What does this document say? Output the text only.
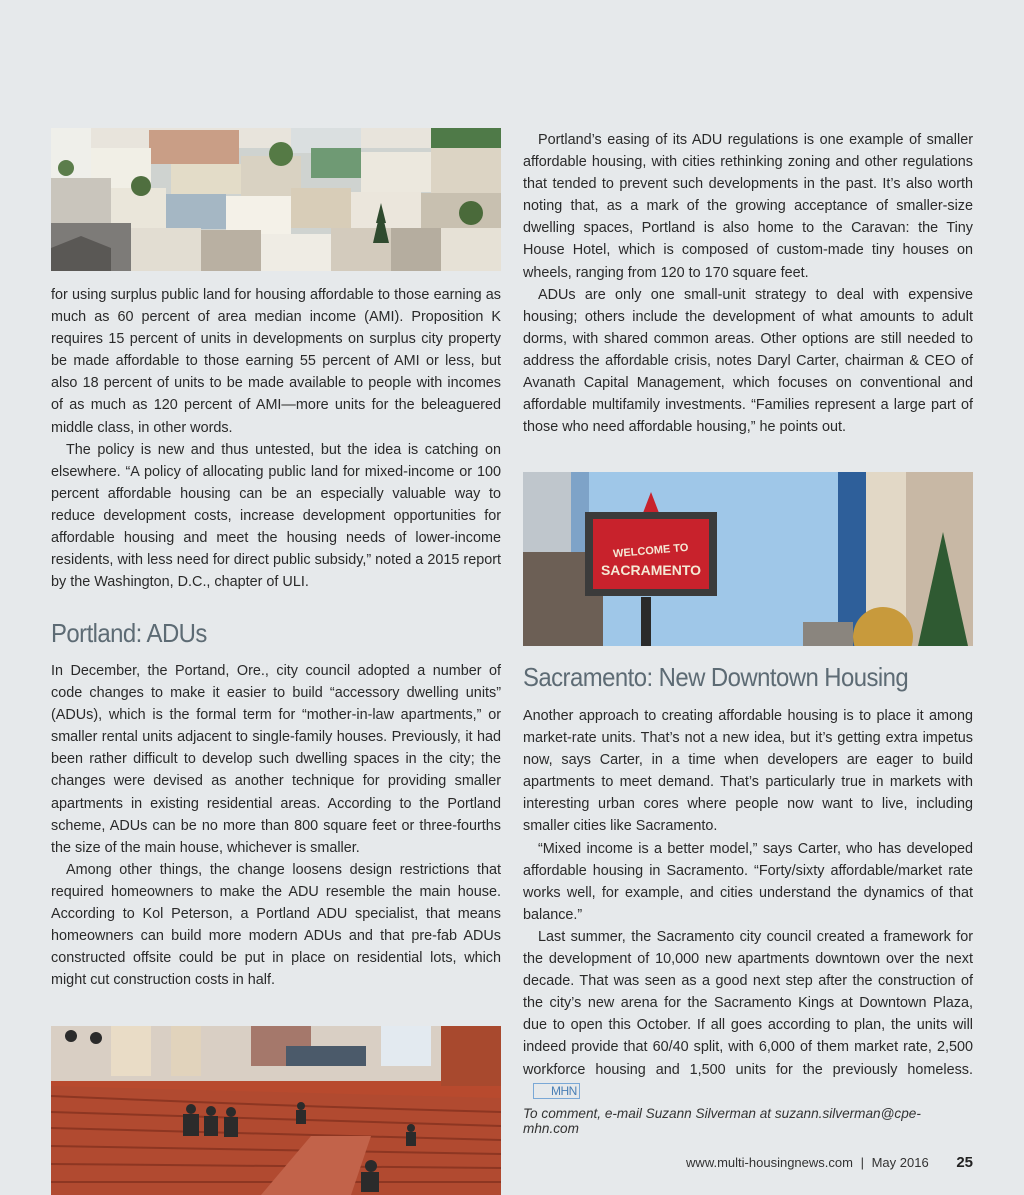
WELCOME TO
SACRAMENTO

for using surplus public land for housing affordable to those earning as much as 60 percent of area median income (AMI). Proposition K requires 15 percent of units in developments on surplus city property be made affordable to those earning 55 percent of AMI or less, but also 18 percent of units to be made available to people with incomes of as much as 120 percent of AMI—more units for the beleaguered middle class, in other words.

The policy is new and thus untested, but the idea is catching on elsewhere. “A policy of allocating public land for mixed-income or 100 percent affordable housing can be an especially valuable way to reduce development costs, increase development opportunities for affordable housing and meet the housing needs of lower-income residents, with less need for direct public subsidy,” noted a 2015 report by the Washington, D.C., chapter of ULI.

Portland: ADUs

In December, the Portand, Ore., city council adopted a number of code changes to make it easier to build “accessory dwelling units” (ADUs), which is the formal term for “mother-in-law apartments,” or smaller rental units adjacent to single-family houses. Previously, it had been rather difficult to develop such dwelling spaces in the city; the changes were devised as another technique for providing smaller apartments in existing residential areas. According to the Portland scheme, ADUs can be no more than 800 square feet or three-fourths the size of the main house, whichever is smaller.

Among other things, the change loosens design restrictions that required homeowners to make the ADU resemble the main house. According to Kol Peterson, a Portland ADU specialist, that means homeowners can build more modern ADUs and that pre-fab ADUs constructed offsite could be put in place on residential lots, which might cut construction costs in half.

Portland’s easing of its ADU regulations is one example of smaller affordable housing, with cities rethinking zoning and other regulations that tended to prevent such developments in the past. It’s also worth noting that, as a mark of the growing acceptance of smaller-size dwelling spaces, Portland is also home to the Caravan: the Tiny House Hotel, which is composed of custom-made tiny houses on wheels, ranging from 120 to 170 square feet.

ADUs are only one small-unit strategy to deal with expensive housing; others include the development of what amounts to adult dorms, with shared common areas. Other options are still needed to address the affordable crisis, notes Daryl Carter, chairman & CEO of Avanath Capital Management, which focuses on conventional and affordable multifamily investments. “Families represent a large part of those who need affordable housing,” he points out.

Sacramento: New Downtown Housing

Another approach to creating affordable housing is to place it among market-rate units. That’s not a new idea, but it’s getting extra impetus now, says Carter, in a time when developers are eager to build apartments to meet demand. That’s particularly true in markets with interesting urban cores where people now want to live, including smaller cities like Sacramento.

“Mixed income is a better model,” says Carter, who has developed affordable housing in Sacramento. “Forty/sixty affordable/market rate works well, for example, and cities understand the dynamics of that balance.”

Last summer, the Sacramento city council created a framework for the development of 10,000 new apartments downtown over the next decade. That was seen as a good next step after the construction of the city’s new arena for the Sacramento Kings at Downtown Plaza, due to open this October. If all goes according to plan, the units will indeed provide that 60/40 split, with 6,000 of them market rate, 2,500 workforce housing and 1,500 units for the previously homeless.MHN

To comment, e-mail Suzann Silverman at suzann.silverman@cpe-mhn.com
www.multi-housingnews.com | May 2016 25
